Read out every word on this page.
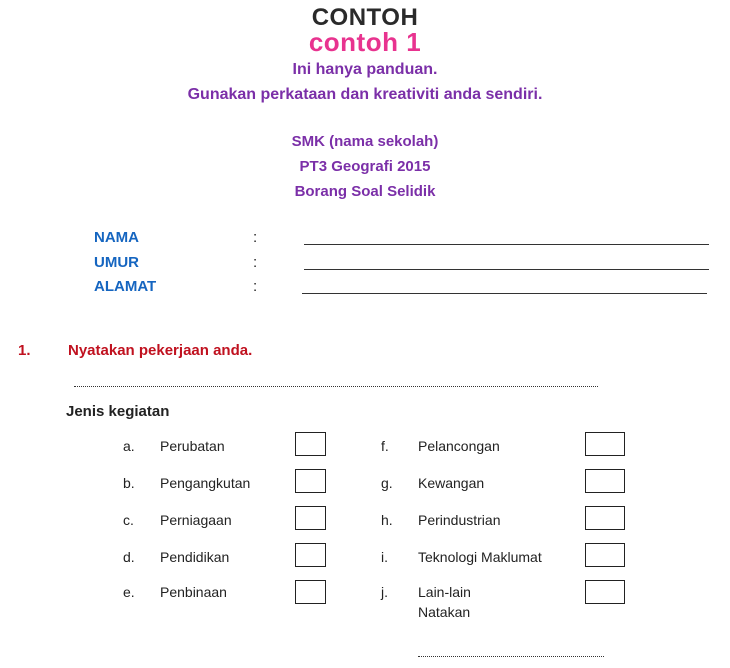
CONTOH
contoh 1
Ini hanya panduan.
Gunakan perkataan dan kreativiti anda sendiri.
SMK (nama sekolah)
PT3 Geografi 2015
Borang Soal Selidik
NAMA	:
UMUR	:
ALAMAT	:
1. Nyatakan pekerjaan anda.
Jenis kegiatan
a. Perubatan
b. Pengangkutan
c. Perniagaan
d. Pendidikan
e. Penbinaan
f. Pelancongan
g. Kewangan
h. Perindustrian
i. Teknologi Maklumat
j. Lain-lain
Natakan
